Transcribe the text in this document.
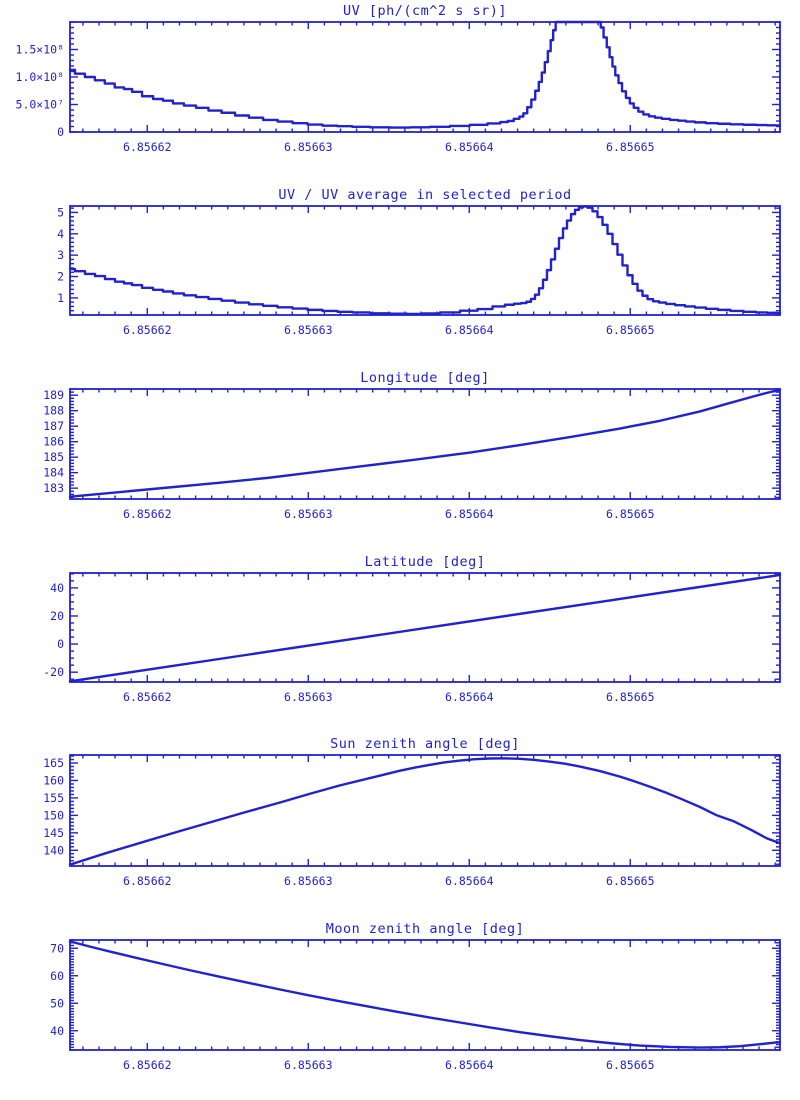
UV [ph/(cm^2 s sr)]
UV / UV average in selected period
Longitude [deg]
Latitude [deg]
Sun zenith angle [deg]
Moon zenith angle [deg]
6.85662	6.85663	6.85664	6.85665
0
5.0×10⁷
1.0×10⁸
1.5×10⁸
6.85662	6.85663	6.85664	6.85665
1
2
3
4
5
6.85662	6.85663	6.85664	6.85665
183
184
185
186
187
188
189
6.85662	6.85663	6.85664	6.85665
-20
0
20
40
6.85662	6.85663	6.85664	6.85665
140
145
150
155
160
165
6.85662	6.85663	6.85664	6.85665
40
50
60
70
